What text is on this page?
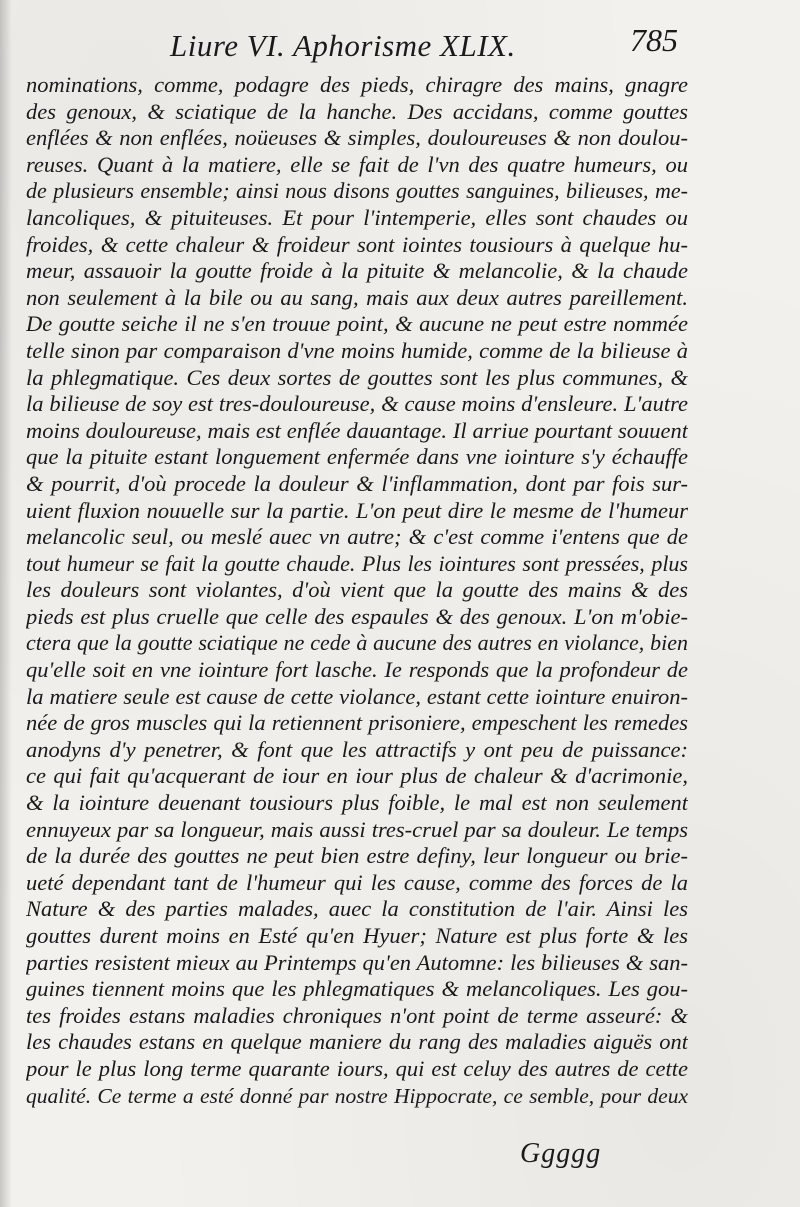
Liure VI. Aphorisme XLIX.	785
nominations, comme, podagre des pieds, chiragre des mains, gnagre
des genoux, & sciatique de la hanche. Des accidans, comme gouttes
enflées & non enflées, noüeuses & simples, douloureuses & non doulou-
reuses. Quant à la matiere, elle se fait de l'vn des quatre humeurs, ou
de plusieurs ensemble; ainsi nous disons gouttes sanguines, bilieuses, me-
lancoliques, & pituiteuses. Et pour l'intemperie, elles sont chaudes ou
froides, & cette chaleur & froideur sont iointes tousiours à quelque hu-
meur, assauoir la goutte froide à la pituite & melancolie, & la chaude
non seulement à la bile ou au sang, mais aux deux autres pareillement.
De goutte seiche il ne s'en trouue point, & aucune ne peut estre nommée
telle sinon par comparaison d'vne moins humide, comme de la bilieuse à
la phlegmatique. Ces deux sortes de gouttes sont les plus communes, &
la bilieuse de soy est tres-douloureuse, & cause moins d'ensleure. L'autre
moins douloureuse, mais est enflée dauantage. Il arriue pourtant souuent
que la pituite estant longuement enfermée dans vne iointure s'y échauffe
& pourrit, d'où procede la douleur & l'inflammation, dont par fois sur-
uient fluxion nouuelle sur la partie. L'on peut dire le mesme de l'humeur
melancolic seul, ou meslé auec vn autre; & c'est comme i'entens que de
tout humeur se fait la goutte chaude. Plus les iointures sont pressées, plus
les douleurs sont violantes, d'où vient que la goutte des mains & des
pieds est plus cruelle que celle des espaules & des genoux. L'on m'obie-
ctera que la goutte sciatique ne cede à aucune des autres en violance, bien
qu'elle soit en vne iointure fort lasche. Ie responds que la profondeur de
la matiere seule est cause de cette violance, estant cette iointure enuiron-
née de gros muscles qui la retiennent prisoniere, empeschent les remedes
anodyns d'y penetrer, & font que les attractifs y ont peu de puissance:
ce qui fait qu'acquerant de iour en iour plus de chaleur & d'acrimonie,
& la iointure deuenant tousiours plus foible, le mal est non seulement
ennuyeux par sa longueur, mais aussi tres-cruel par sa douleur. Le temps
de la durée des gouttes ne peut bien estre definy, leur longueur ou brie-
ueté dependant tant de l'humeur qui les cause, comme des forces de la
Nature & des parties malades, auec la constitution de l'air. Ainsi les
gouttes durent moins en Esté qu'en Hyuer; Nature est plus forte & les
parties resistent mieux au Printemps qu'en Automne: les bilieuses & san-
guines tiennent moins que les phlegmatiques & melancoliques. Les gou-
tes froides estans maladies chroniques n'ont point de terme asseuré: &
les chaudes estans en quelque maniere du rang des maladies aiguës ont
pour le plus long terme quarante iours, qui est celuy des autres de cette
qualité. Ce terme a esté donné par nostre Hippocrate, ce semble, pour deux
Ggggg
